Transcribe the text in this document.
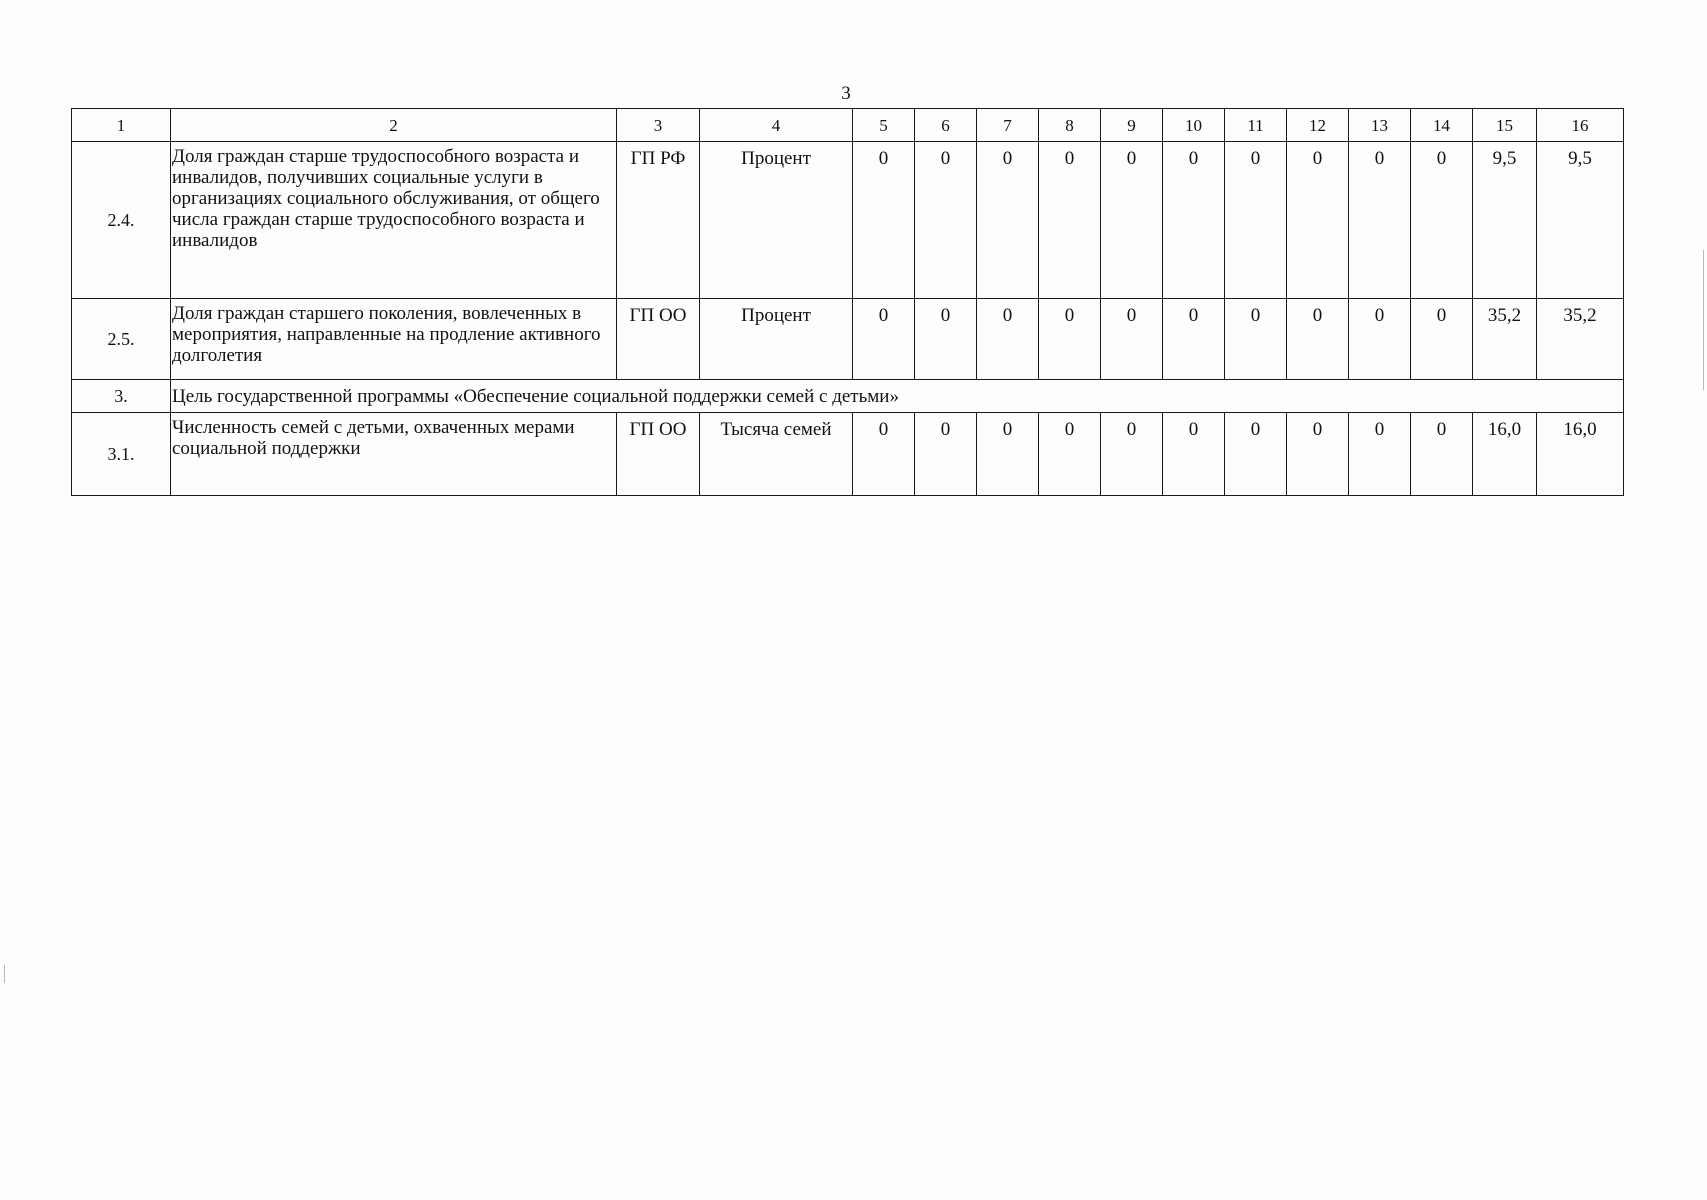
3
1	2	3	4	5	6	7	8	9	10	11	12	13	14	15	16
2.4.	Доля граждан старше трудоспособного возраста и инвалидов, получивших социальные услуги в организациях социального обслуживания, от общего числа граждан старше трудоспособного возраста и инвалидов	ГП РФ	Процент	0	0	0	0	0	0	0	0	0	0	9,5	9,5
2.5.	Доля граждан старшего поколения, вовлеченных в мероприятия, направленные на продление активного долголетия	ГП ОО	Процент	0	0	0	0	0	0	0	0	0	0	35,2	35,2
3.	Цель государственной программы «Обеспечение социальной поддержки семей с детьми»														
3.1.	Численность семей с детьми, охваченных мерами социальной поддержки	ГП ОО	Тысяча семей	0	0	0	0	0	0	0	0	0	0	16,0	16,0
